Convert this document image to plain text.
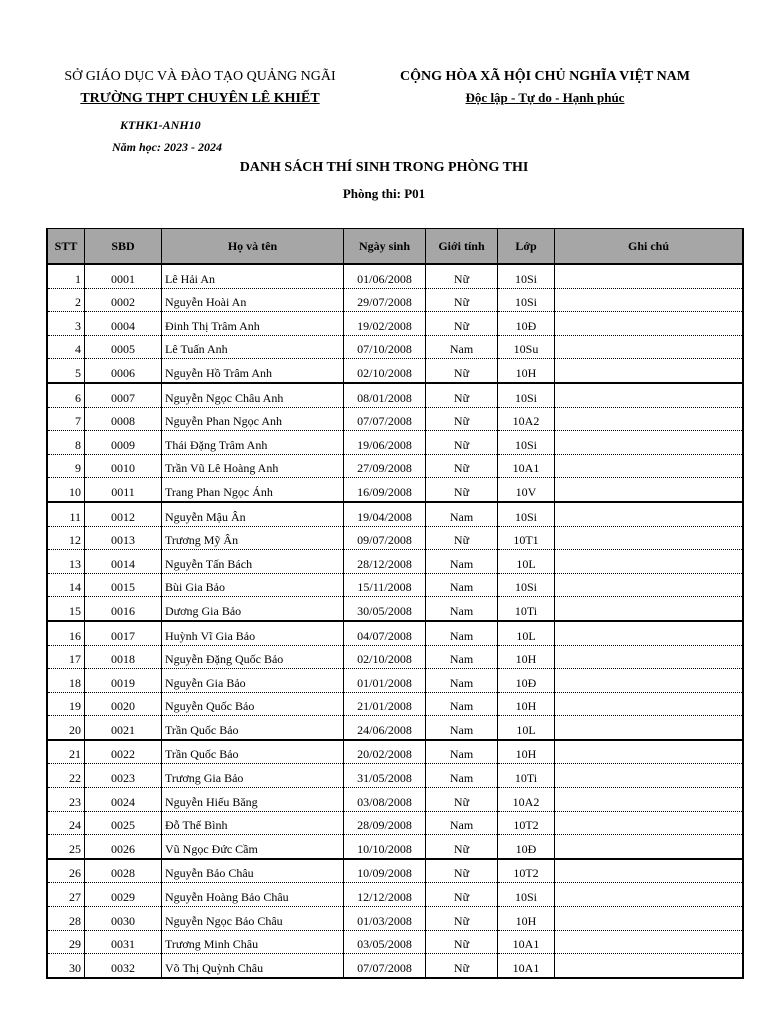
SỞ GIÁO DỤC VÀ ĐÀO TẠO QUẢNG NGÃI
TRƯỜNG THPT CHUYÊN LÊ KHIẾT
KTHK1-ANH10
Năm học: 2023 - 2024
CỘNG HÒA XÃ HỘI CHỦ NGHĨA VIỆT NAM
Độc lập - Tự do - Hạnh phúc
DANH SÁCH THÍ SINH TRONG PHÒNG THI
Phòng thi: P01
STT	SBD	Họ và tên	Ngày sinh	Giới tính	Lớp	Ghi chú
1	0001	Lê Hải An	01/06/2008	Nữ	10Si	
2	0002	Nguyễn Hoài An	29/07/2008	Nữ	10Si	
3	0004	Đinh Thị Trâm Anh	19/02/2008	Nữ	10Đ	
4	0005	Lê Tuấn Anh	07/10/2008	Nam	10Su	
5	0006	Nguyễn Hồ Trâm Anh	02/10/2008	Nữ	10H	
6	0007	Nguyễn Ngọc Châu Anh	08/01/2008	Nữ	10Si	
7	0008	Nguyễn Phan Ngọc Anh	07/07/2008	Nữ	10A2	
8	0009	Thái Đặng Trâm Anh	19/06/2008	Nữ	10Si	
9	0010	Trần Vũ Lê Hoàng Anh	27/09/2008	Nữ	10A1	
10	0011	Trang Phan Ngọc Ánh	16/09/2008	Nữ	10V	
11	0012	Nguyễn Mậu Ân	19/04/2008	Nam	10Si	
12	0013	Trương Mỹ Ân	09/07/2008	Nữ	10T1	
13	0014	Nguyễn Tấn Bách	28/12/2008	Nam	10L	
14	0015	Bùi Gia Bảo	15/11/2008	Nam	10Si	
15	0016	Dương Gia Bảo	30/05/2008	Nam	10Ti	
16	0017	Huỳnh Vĩ Gia Bảo	04/07/2008	Nam	10L	
17	0018	Nguyễn Đặng Quốc Bảo	02/10/2008	Nam	10H	
18	0019	Nguyễn Gia Bảo	01/01/2008	Nam	10Đ	
19	0020	Nguyễn Quốc Bảo	21/01/2008	Nam	10H	
20	0021	Trần Quốc Bảo	24/06/2008	Nam	10L	
21	0022	Trần Quốc Bảo	20/02/2008	Nam	10H	
22	0023	Trương Gia Bảo	31/05/2008	Nam	10Ti	
23	0024	Nguyễn Hiếu Băng	03/08/2008	Nữ	10A2	
24	0025	Đỗ Thế Bình	28/09/2008	Nam	10T2	
25	0026	Vũ Ngọc Đức Cầm	10/10/2008	Nữ	10Đ	
26	0028	Nguyễn Bảo Châu	10/09/2008	Nữ	10T2	
27	0029	Nguyễn Hoàng Bảo Châu	12/12/2008	Nữ	10Si	
28	0030	Nguyễn Ngọc Bảo Châu	01/03/2008	Nữ	10H	
29	0031	Trương Minh Châu	03/05/2008	Nữ	10A1	
30	0032	Võ Thị Quỳnh Châu	07/07/2008	Nữ	10A1	
